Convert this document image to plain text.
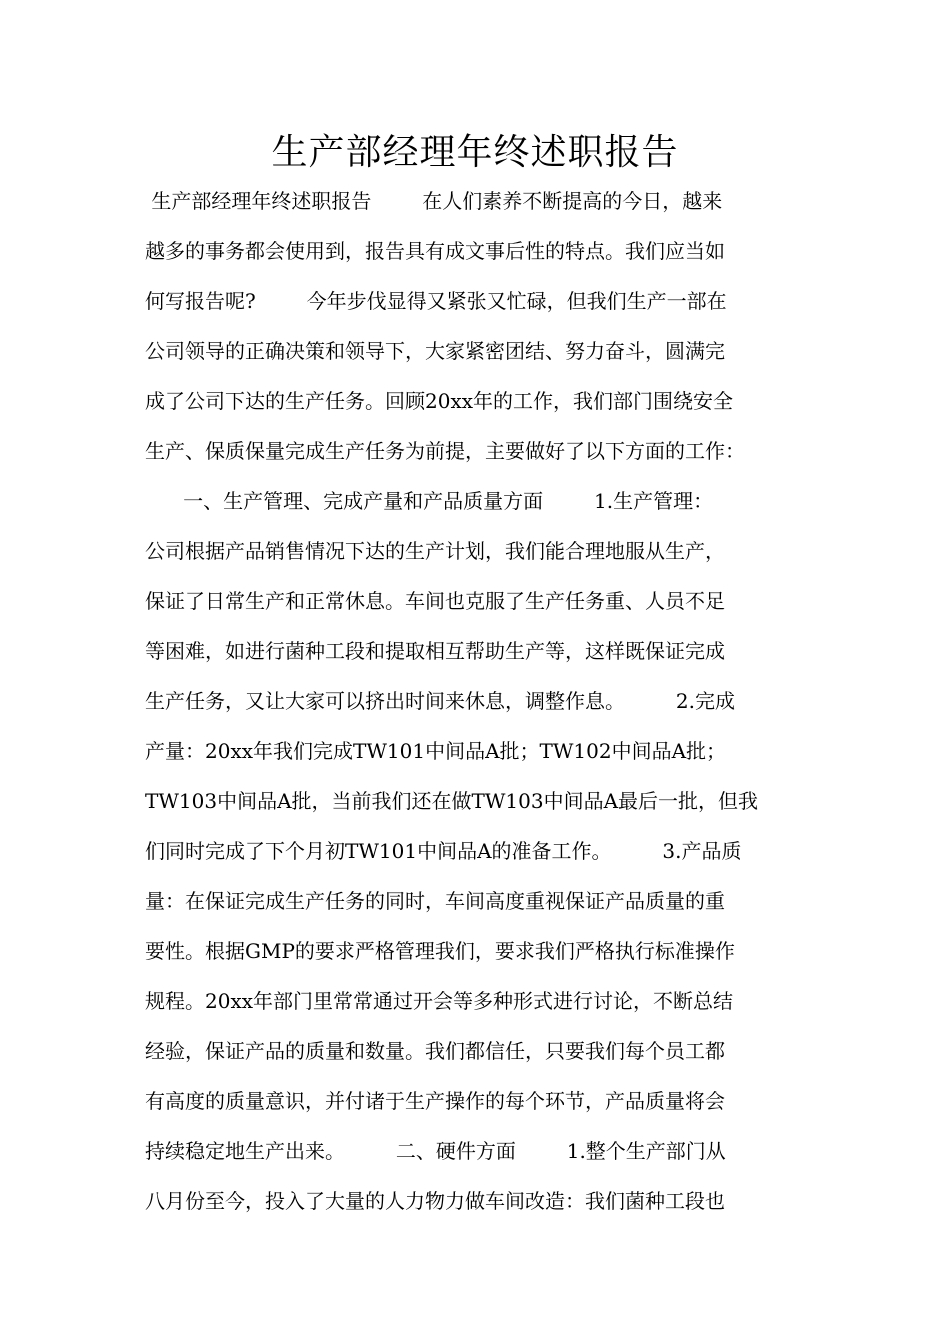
生产部经理年终述职报告
生产部经理年终述职报告        在人们素养不断提高的今日，越来
越多的事务都会使用到，报告具有成文事后性的特点。我们应当如
何写报告呢?        今年步伐显得又紧张又忙碌，但我们生产一部在
公司领导的正确决策和领导下，大家紧密团结、努力奋斗，圆满完
成了公司下达的生产任务。回顾20xx年的工作，我们部门围绕安全
生产、保质保量完成生产任务为前提，主要做好了以下方面的工作：
一、生产管理、完成产量和产品质量方面        1.生产管理：
公司根据产品销售情况下达的生产计划，我们能合理地服从生产，
保证了日常生产和正常休息。车间也克服了生产任务重、人员不足
等困难，如进行菌种工段和提取相互帮助生产等，这样既保证完成
生产任务，又让大家可以挤出时间来休息，调整作息。        2.完成
产量：20xx年我们完成TW101中间品A批；TW102中间品A批；
TW103中间品A批，当前我们还在做TW103中间品A最后一批，但我
们同时完成了下个月初TW101中间品A的准备工作。        3.产品质
量：在保证完成生产任务的同时，车间高度重视保证产品质量的重
要性。根据GMP的要求严格管理我们，要求我们严格执行标准操作
规程。20xx年部门里常常通过开会等多种形式进行讨论，不断总结
经验，保证产品的质量和数量。我们都信任，只要我们每个员工都
有高度的质量意识，并付诸于生产操作的每个环节，产品质量将会
持续稳定地生产出来。        二、硬件方面        1.整个生产部门从
八月份至今，投入了大量的人力物力做车间改造：我们菌种工段也
